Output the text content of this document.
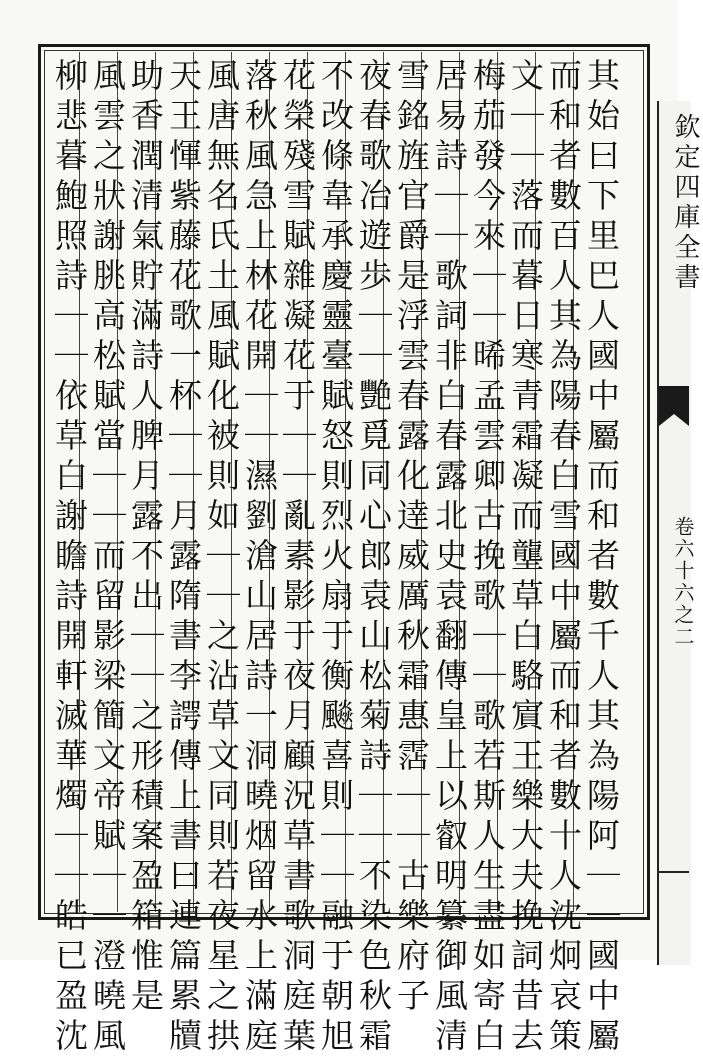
欽定四庫全書
卷六十六之二
其始曰下里巴人國中屬而和者數千人其為陽阿｜｜國中屬
而和者數百人其為陽春白雪國中屬而和者數十人沈炯哀策
文｜｜落而暮日寒青霜凝而壟草白駱賔王樂大夫挽詞昔去
梅茄發今來｜｜晞孟雲卿古挽歌｜｜歌若斯人生盡如寄白
居易詩｜｜歌詞非白春露北史袁翻傳皇上以叡明纂御風清
雪銘旌官爵是浮雲春露化逹威厲秋霜惠霑｜｜古樂府子
夜春歌冶遊歩｜｜艷覓同心郎袁山松菊詩｜｜不染色秋霜
不改條韋承慶靈臺賦怒則烈火扇于衡飈喜則｜｜融于朝旭
花榮殘雪賦雜凝花于｜｜亂素影于夜月顧況草書歌洞庭葉
落秋風急上林花開｜｜濕劉滄山居詩一洞曉烟留水上滿庭
風唐無名氏土風賦化被則如｜｜之沾草文同則若夜星之拱
天王惲紫藤花歌一杯｜｜月露隋書李諤傳上書曰連篇累牘
助香潤清氣貯滿詩人脾月露不出｜｜之形積案盈箱惟是
風雲之狀謝朓高松賦當｜｜而留影梁簡文帝賦｜｜澄曉風
柳悲暮鮑照詩｜｜依草白謝瞻詩開軒滅華燭｜｜皓已盈沈
